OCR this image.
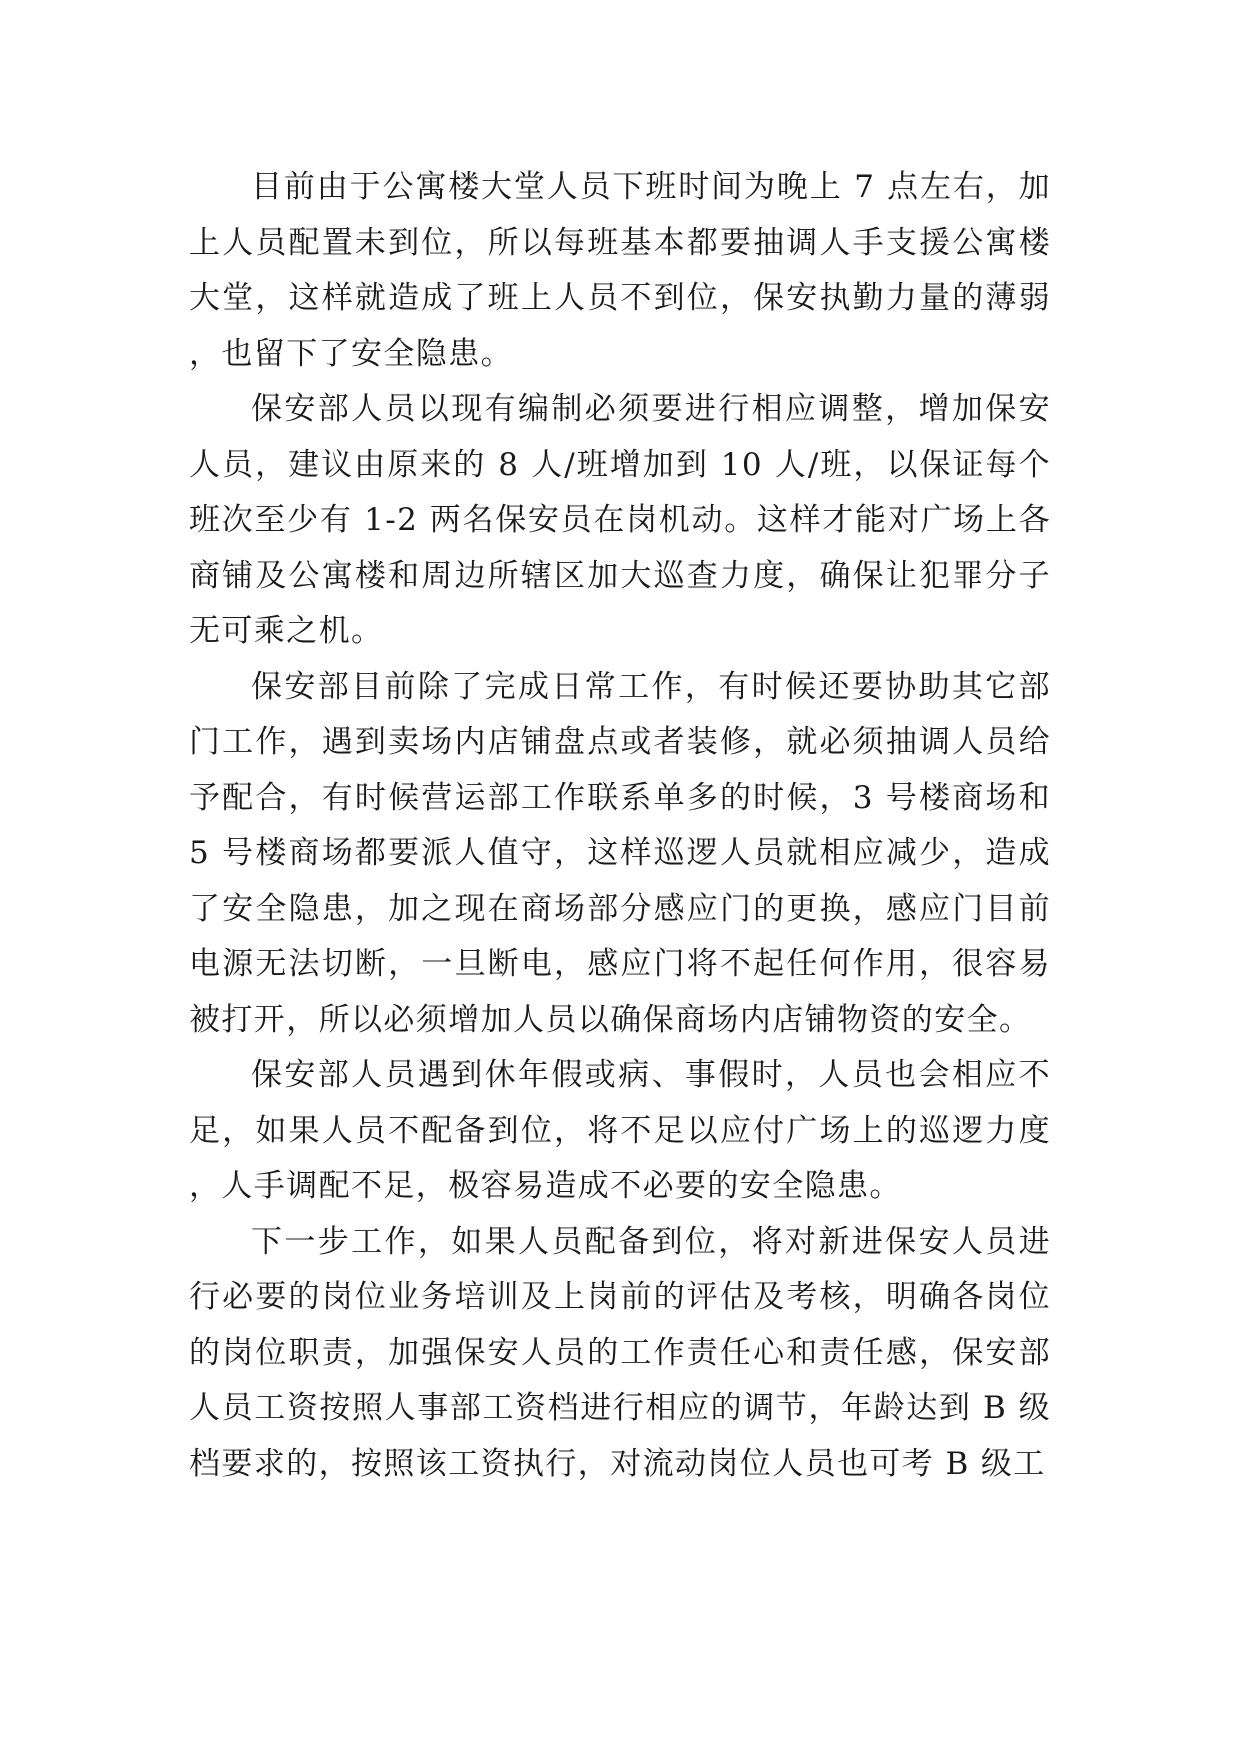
目前由于公寓楼大堂人员下班时间为晚上 7 点左右，加上人员配置未到位，所以每班基本都要抽调人手支援公寓楼大堂，这样就造成了班上人员不到位，保安执勤力量的薄弱，也留下了安全隐患。

保安部人员以现有编制必须要进行相应调整，增加保安人员，建议由原来的 8 人/班增加到 10 人/班，以保证每个班次至少有 1-2 两名保安员在岗机动。这样才能对广场上各商铺及公寓楼和周边所辖区加大巡查力度，确保让犯罪分子无可乘之机。

保安部目前除了完成日常工作，有时候还要协助其它部门工作，遇到卖场内店铺盘点或者装修，就必须抽调人员给予配合，有时候营运部工作联系单多的时候，3 号楼商场和 5 号楼商场都要派人值守，这样巡逻人员就相应减少，造成了安全隐患，加之现在商场部分感应门的更换，感应门目前电源无法切断，一旦断电，感应门将不起任何作用，很容易被打开，所以必须增加人员以确保商场内店铺物资的安全。

保安部人员遇到休年假或病、事假时，人员也会相应不足，如果人员不配备到位，将不足以应付广场上的巡逻力度，人手调配不足，极容易造成不必要的安全隐患。

下一步工作，如果人员配备到位，将对新进保安人员进行必要的岗位业务培训及上岗前的评估及考核，明确各岗位的岗位职责，加强保安人员的工作责任心和责任感，保安部人员工资按照人事部工资档进行相应的调节，年龄达到 B 级档要求的，按照该工资执行，对流动岗位人员也可考 B 级工
